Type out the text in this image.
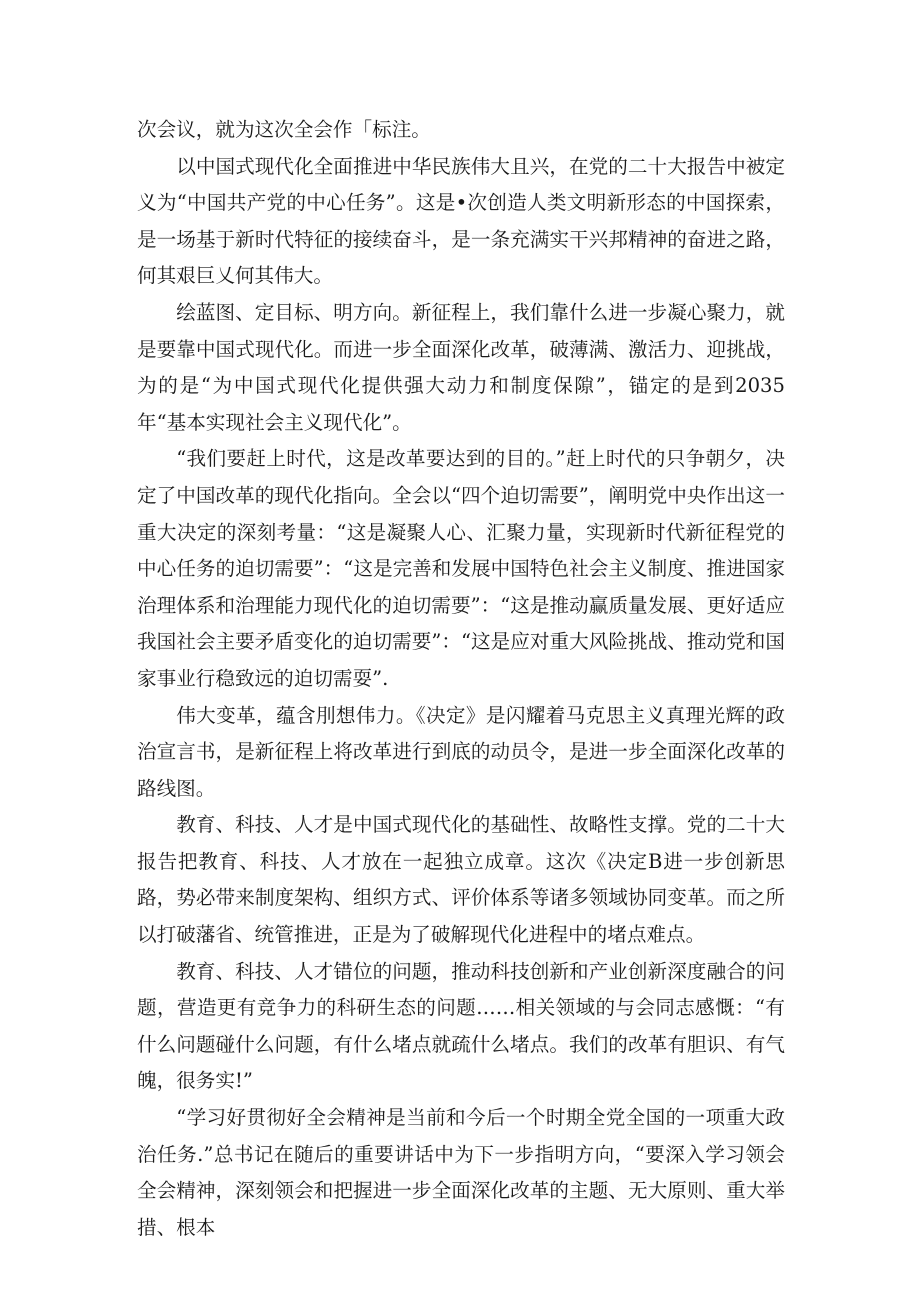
次会议，就为这次全会作「标注。

以中国式现代化全面推进中华民族伟大且兴，在党的二十大报告中被定义为“中国共产党的中心任务”。这是•次创造人类文明新形态的中国探索，是一场基于新时代特征的接续奋斗，是一条充满实干兴邦精神的奋进之路，何其艰巨乂何其伟大。

绘蓝图、定目标、明方向。新征程上，我们靠什么进一步凝心聚力，就是要靠中国式现代化。而进一步全面深化改革，破薄满、激活力、迎挑战，为的是“为中国式现代化提供强大动力和制度保隙”，锚定的是到2035年“基本实现社会主义现代化”。

“我们要赶上时代，这是改革要达到的目的。”赶上时代的只争朝夕，决定了中国改革的现代化指向。全会以“四个迫切需要”，阐明党中央作出这一重大决定的深刻考量：“这是凝聚人心、汇聚力量，实现新时代新征程党的中心任务的迫切需要”：“这是完善和发展中国特色社会主义制度、推进国家治理体系和治理能力现代化的迫切需要”：“这是推动赢质量发展、更好适应我国社会主要矛盾变化的迫切需要”：“这是应对重大风险挑战、推动党和国家事业行稳致远的迫切需耍”.

伟大变革，蕴含刖想伟力。《决定》是闪耀着马克思主义真理光辉的政治宣言书，是新征程上将改革进行到底的动员令，是进一步全面深化改革的路线图。

教育、科技、人才是中国式现代化的基础性、故略性支撑。党的二十大报告把教育、科技、人才放在一起独立成章。这次《决定B进一步创新思路，势必带来制度架构、组织方式、评价体系等诸多领域协同变革。而之所以打破藩省、统管推进，正是为了破解现代化进程中的堵点难点。

教育、科技、人才错位的问题，推动科技创新和产业创新深度融合的问题，营造更有竞争力的科研生态的问题……相关领域的与会同志感慨：“有什么问题碰什么问题，有什么堵点就疏什么堵点。我们的改革有胆识、有气魄，很务实!”

“学习好贯彻好全会精神是当前和今后一个时期全党全国的一项重大政治任务.”总书记在随后的重要讲话中为下一步指明方向，“要深入学习领会全会精神，深刻领会和把握进一步全面深化改革的主题、无大原则、重大举措、根本
